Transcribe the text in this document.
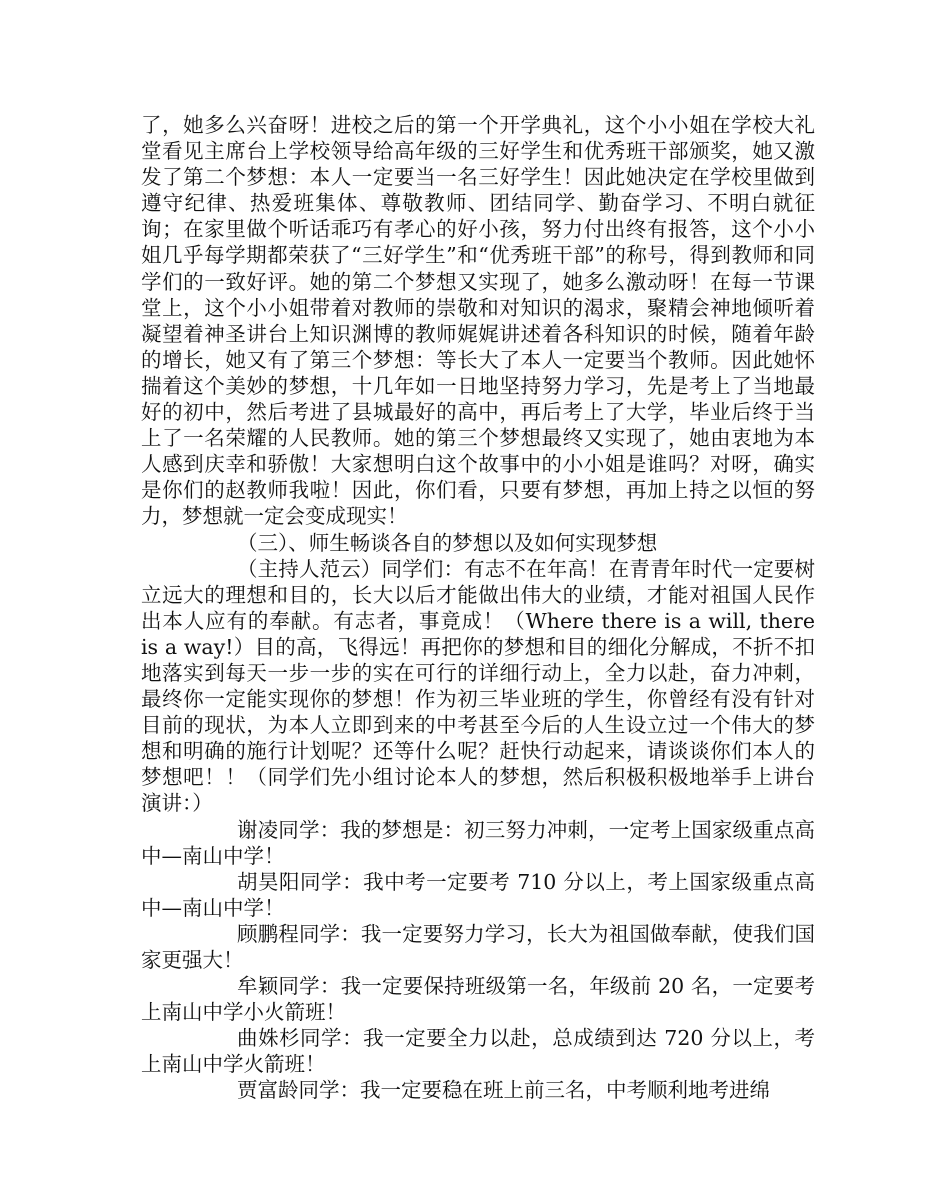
了，她多么兴奋呀！进校之后的第一个开学典礼，这个小小姐在学校大礼堂看见主席台上学校领导给高年级的三好学生和优秀班干部颁奖，她又激发了第二个梦想：本人一定要当一名三好学生！因此她决定在学校里做到遵守纪律、热爱班集体、尊敬教师、团结同学、勤奋学习、不明白就征询；在家里做个听话乖巧有孝心的好小孩，努力付出终有报答，这个小小姐几乎每学期都荣获了“三好学生”和“优秀班干部”的称号，得到教师和同学们的一致好评。她的第二个梦想又实现了，她多么激动呀！在每一节课堂上，这个小小姐带着对教师的崇敬和对知识的渴求，聚精会神地倾听着凝望着神圣讲台上知识渊博的教师娓娓讲述着各科知识的时候，随着年龄的增长，她又有了第三个梦想：等长大了本人一定要当个教师。因此她怀揣着这个美妙的梦想，十几年如一日地坚持努力学习，先是考上了当地最好的初中，然后考进了县城最好的高中，再后考上了大学，毕业后终于当上了一名荣耀的人民教师。她的第三个梦想最终又实现了，她由衷地为本人感到庆幸和骄傲！大家想明白这个故事中的小小姐是谁吗？对呀，确实是你们的赵教师我啦！因此，你们看，只要有梦想，再加上持之以恒的努力，梦想就一定会变成现实！

（三）、师生畅谈各自的梦想以及如何实现梦想

（主持人范云）同学们：有志不在年高！在青青年时代一定要树立远大的理想和目的，长大以后才能做出伟大的业绩，才能对祖国人民作出本人应有的奉献。有志者，事竟成！（Where there is a will, there is a way!）目的高，飞得远！再把你的梦想和目的细化分解成，不折不扣地落实到每天一步一步的实在可行的详细行动上，全力以赴，奋力冲刺，最终你一定能实现你的梦想！作为初三毕业班的学生，你曾经有没有针对目前的现状，为本人立即到来的中考甚至今后的人生设立过一个伟大的梦想和明确的施行计划呢？还等什么呢？赶快行动起来，请谈谈你们本人的梦想吧！！（同学们先小组讨论本人的梦想，然后积极积极地举手上讲台演讲：）

谢凌同学：我的梦想是：初三努力冲刺，一定考上国家级重点高中—南山中学！

胡昊阳同学：我中考一定要考 710 分以上，考上国家级重点高中—南山中学！

顾鹏程同学：我一定要努力学习，长大为祖国做奉献，使我们国家更强大！

牟颖同学：我一定要保持班级第一名，年级前 20 名，一定要考上南山中学小火箭班！

曲姝杉同学：我一定要全力以赴，总成绩到达 720 分以上，考上南山中学火箭班！

贾富龄同学：我一定要稳在班上前三名，中考顺利地考进绵
